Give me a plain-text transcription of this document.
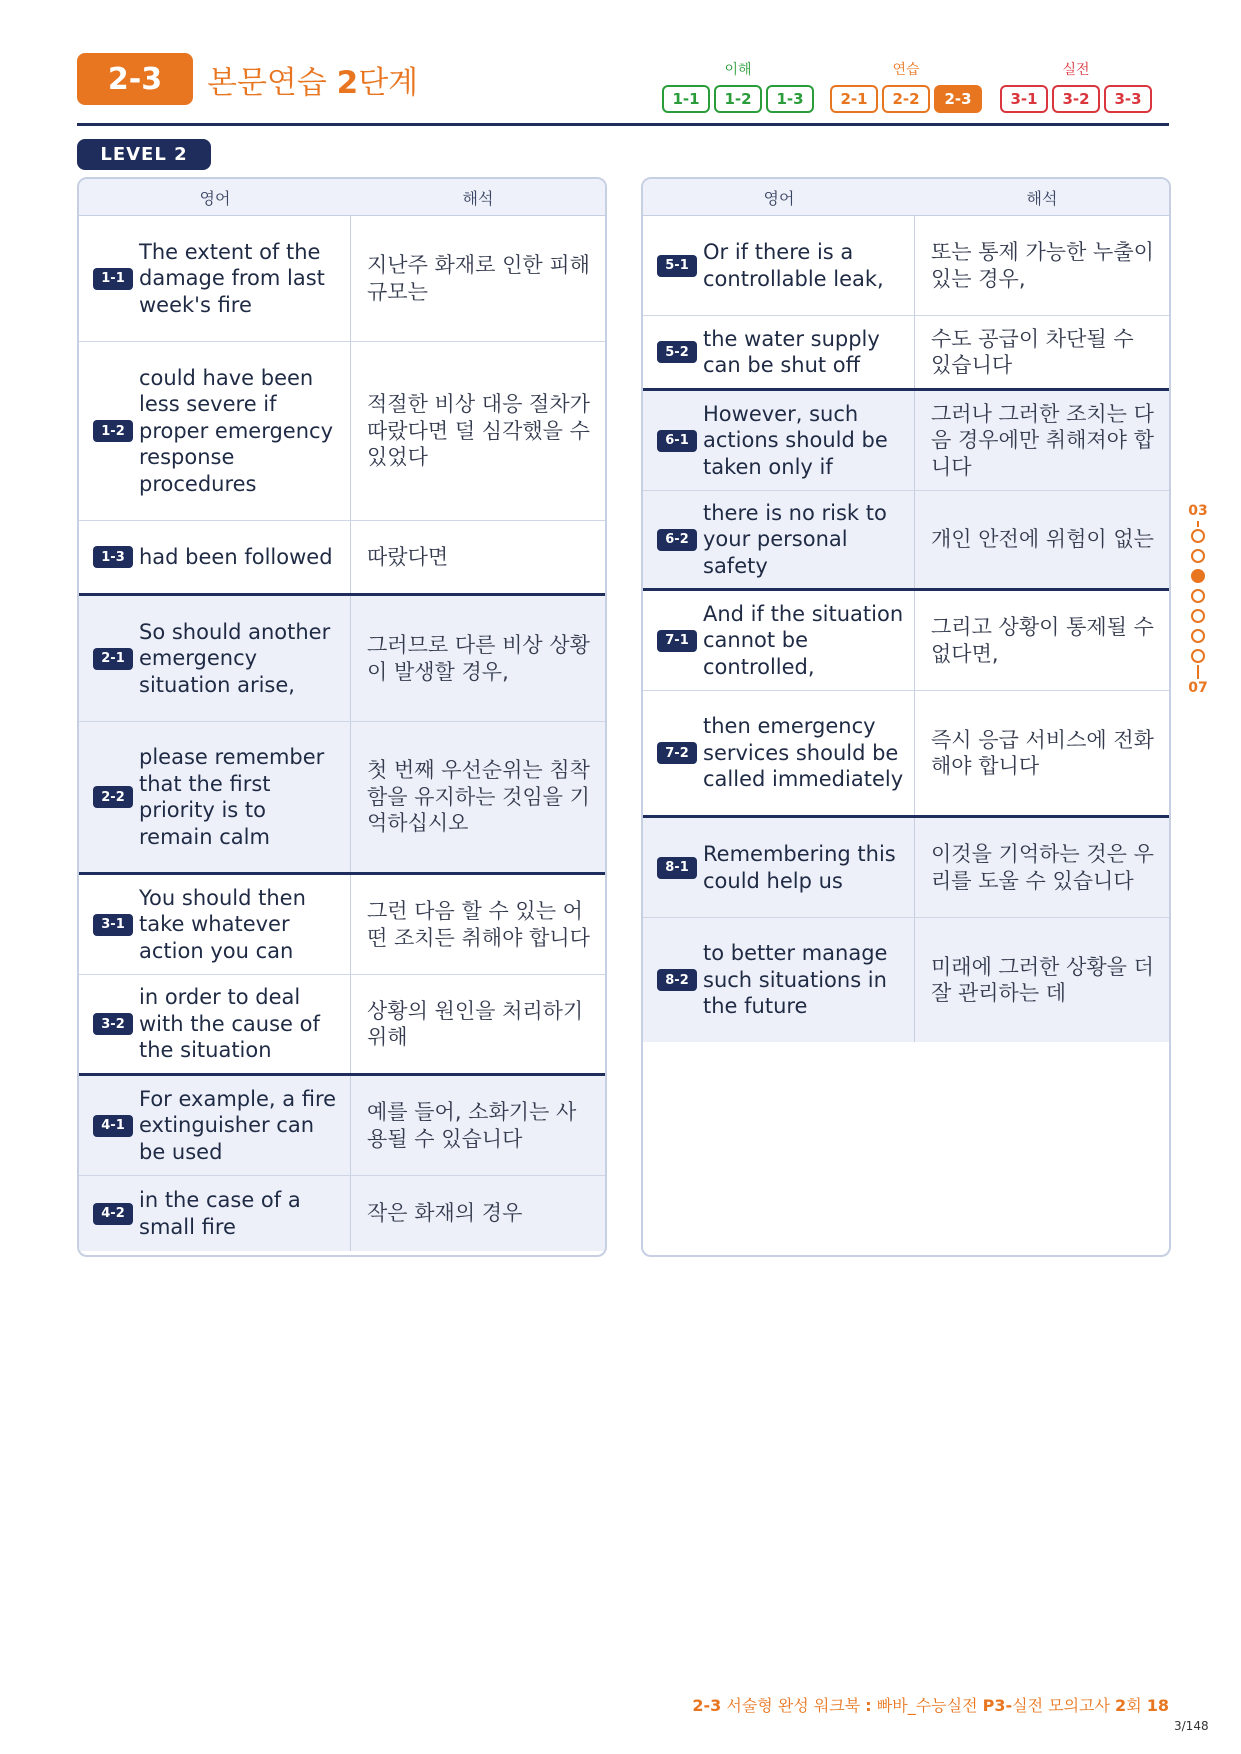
2-3	본문연습 2단계	이해
1-1	1-2	1-3
연습
2-1	2-2	2-3
실전
3-1	3-2	3-3
LEVEL 2
영어	해석
1-1
The extent of the damage from last week's fire
지난주 화재로 인한 피해 규모는
1-2
could have been less severe if proper emergency response procedures
적절한 비상 대응 절차가 따랐다면 덜 심각했을 수 있었다
1-3 had been followed	따랐다면
2-1
So should another emergency situation arise,
그러므로 다른 비상 상황이 발생할 경우,
2-2
please remember that the first priority is to remain calm
첫 번째 우선순위는 침착함을 유지하는 것임을 기억하십시오
3-1
You should then take whatever action you can
그런 다음 할 수 있는 어떤 조치든 취해야 합니다
3-2
in order to deal with the cause of the situation
상황의 원인을 처리하기 위해
4-1
For example, a fire extinguisher can be used
예를 들어, 소화기는 사용될 수 있습니다
4-2
in the case of a small fire
작은 화재의 경우
영어	해석
5-1
Or if there is a controllable leak,
또는 통제 가능한 누출이 있는 경우,
5-2
the water supply can be shut off
수도 공급이 차단될 수 있습니다
6-1
However, such actions should be taken only if
그러나 그러한 조치는 다음 경우에만 취해져야 합니다
6-2
there is no risk to your personal safety
개인 안전에 위험이 없는
7-1
And if the situation cannot be controlled,
그리고 상황이 통제될 수 없다면,
7-2
then emergency services should be called immediately
즉시 응급 서비스에 전화해야 합니다
8-1
Remembering this could help us
이것을 기억하는 것은 우리를 도울 수 있습니다
8-2
to better manage such situations in the future
미래에 그러한 상황을 더 잘 관리하는 데
03
07
2-3 서술형 완성 워크북 : 빠바_수능실전 P3-실전 모의고사 2회 18
3/148
